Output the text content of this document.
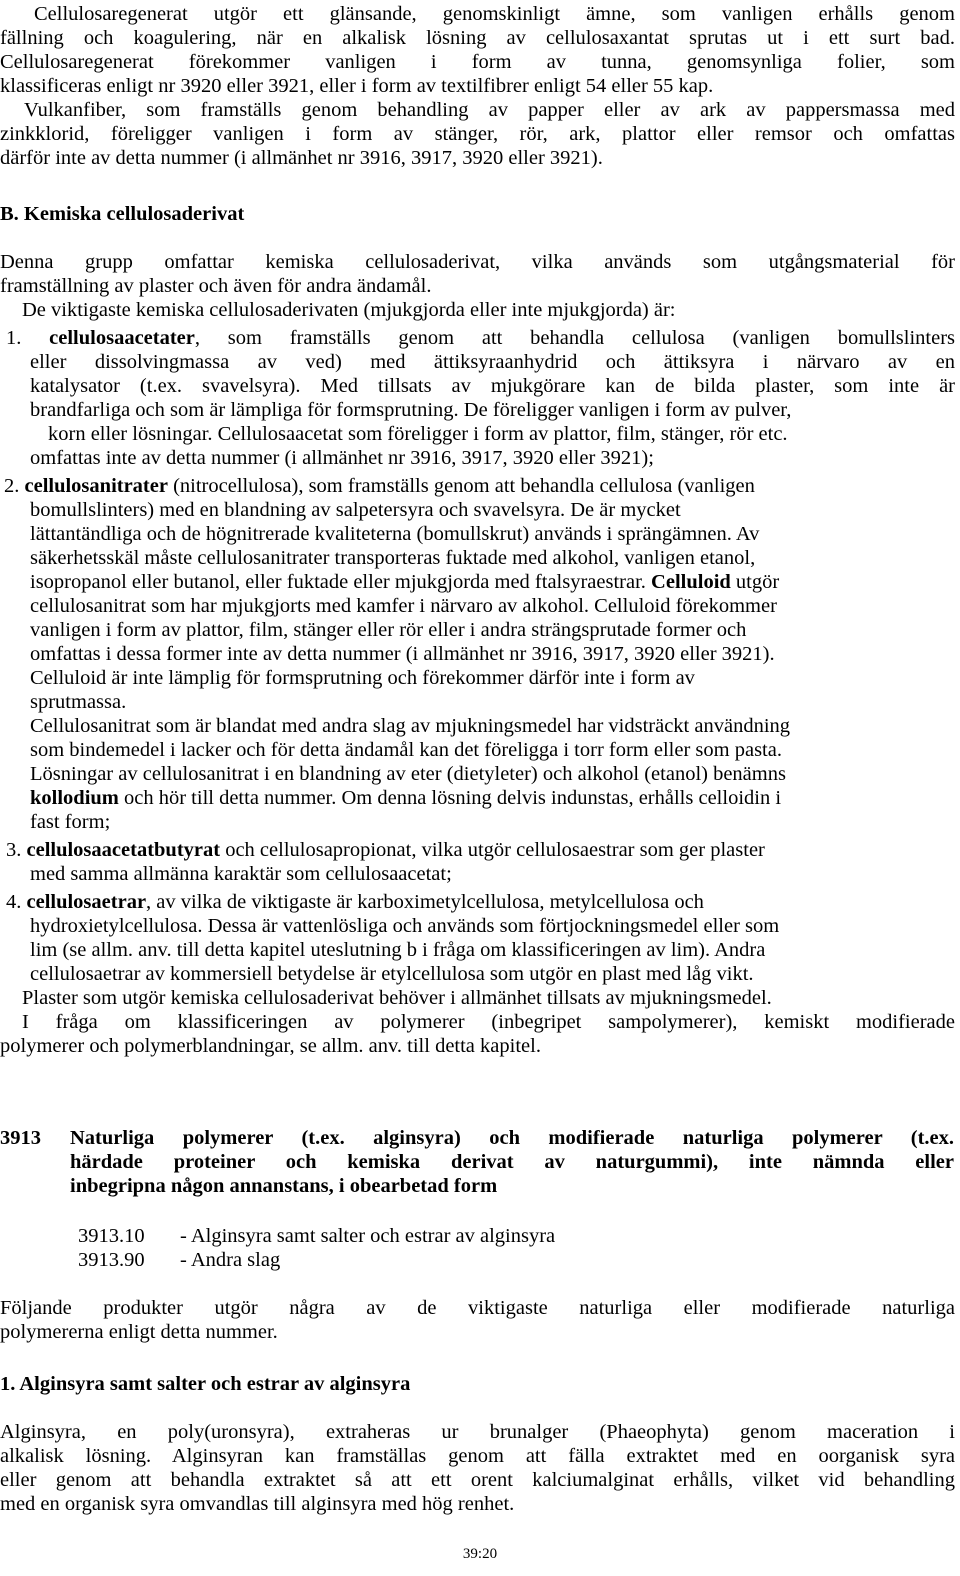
Cellulosaregenerat utgör ett glänsande, genomskinligt ämne, som vanligen erhålls genom
fällning och koagulering, när en alkalisk lösning av cellulosaxantat sprutas ut i ett surt bad.
Cellulosaregenerat förekommer vanligen i form av tunna, genomsynliga folier, som
klassificeras enligt nr 3920 eller 3921, eller i form av textilfibrer enligt 54 eller 55 kap.
Vulkanfiber, som framställs genom behandling av papper eller av ark av pappersmassa med
zinkklorid, föreligger vanligen i form av stänger, rör, ark, plattor eller remsor och omfattas
därför inte av detta nummer (i allmänhet nr 3916, 3917, 3920 eller 3921).
Denna grupp omfattar kemiska cellulosaderivat, vilka används som utgångsmaterial för
framställning av plaster och även för andra ändamål.
De viktigaste kemiska cellulosaderivaten (mjukgjorda eller inte mjukgjorda) är:
B. Kemiska cellulosaderivat
1. cellulosaacetater, som framställs genom att behandla cellulosa (vanligen bomullslinters
eller dissolvingmassa av ved) med ättiksyraanhydrid och ättiksyra i närvaro av en
katalysator (t.ex. svavelsyra). Med tillsats av mjukgörare kan de bilda plaster, som inte är
brandfarliga och som är lämpliga för formsprutning. De föreligger vanligen i form av pulver,
korn eller lösningar. Cellulosaacetat som föreligger i form av plattor, film, stänger, rör etc.
omfattas inte av detta nummer (i allmänhet nr 3916, 3917, 3920 eller 3921);
2. cellulosanitrater (nitrocellulosa), som framställs genom att behandla cellulosa (vanligen
bomullslinters) med en blandning av salpetersyra och svavelsyra. De är mycket
lättantändliga och de högnitrerade kvaliteterna (bomullskrut) används i sprängämnen. Av
säkerhetsskäl måste cellulosanitrater transporteras fuktade med alkohol, vanligen etanol,
isopropanol eller butanol, eller fuktade eller mjukgjorda med ftalsyraestrar. Celluloid utgör
cellulosanitrat som har mjukgjorts med kamfer i närvaro av alkohol. Celluloid förekommer
vanligen i form av plattor, film, stänger eller rör eller i andra strängsprutade former och
omfattas i dessa former inte av detta nummer (i allmänhet nr 3916, 3917, 3920 eller 3921).
Celluloid är inte lämplig för formsprutning och förekommer därför inte i form av
sprutmassa.
Cellulosanitrat som är blandat med andra slag av mjukningsmedel har vidsträckt användning
som bindemedel i lacker och för detta ändamål kan det föreligga i torr form eller som pasta.
Lösningar av cellulosanitrat i en blandning av eter (dietyleter) och alkohol (etanol) benämns
kollodium och hör till detta nummer. Om denna lösning delvis indunstas, erhålls celloidin i
fast form;
3. cellulosaacetatbutyrat och cellulosapropionat, vilka utgör cellulosaestrar som ger plaster
med samma allmänna karaktär som cellulosaacetat;
4. cellulosaetrar, av vilka de viktigaste är karboximetylcellulosa, metylcellulosa och
hydroxietylcellulosa. Dessa är vattenlösliga och används som förtjockningsmedel eller som
lim (se allm. anv. till detta kapitel uteslutning b i fråga om klassificeringen av lim). Andra
cellulosaetrar av kommersiell betydelse är etylcellulosa som utgör en plast med låg vikt.
Plaster som utgör kemiska cellulosaderivat behöver i allmänhet tillsats av mjukningsmedel.
I fråga om klassificeringen av polymerer (inbegripet sampolymerer), kemiskt modifierade
polymerer och polymerblandningar, se allm. anv. till detta kapitel.
3913 Naturliga polymerer (t.ex. alginsyra) och modifierade naturliga polymerer (t.ex.
härdade proteiner och kemiska derivat av naturgummi), inte nämnda eller
inbegripna någon annanstans, i obearbetad form
3913.10 - Alginsyra samt salter och estrar av alginsyra
3913.90 - Andra slag
Följande produkter utgör några av de viktigaste naturliga eller modifierade naturliga
polymererna enligt detta nummer.
1. Alginsyra samt salter och estrar av alginsyra
Alginsyra, en poly(uronsyra), extraheras ur brunalger (Phaeophyta) genom maceration i
alkalisk lösning. Alginsyran kan framställas genom att fälla extraktet med en oorganisk syra
eller genom att behandla extraktet så att ett orent kalciumalginat erhålls, vilket vid behandling
med en organisk syra omvandlas till alginsyra med hög renhet.
39:20
